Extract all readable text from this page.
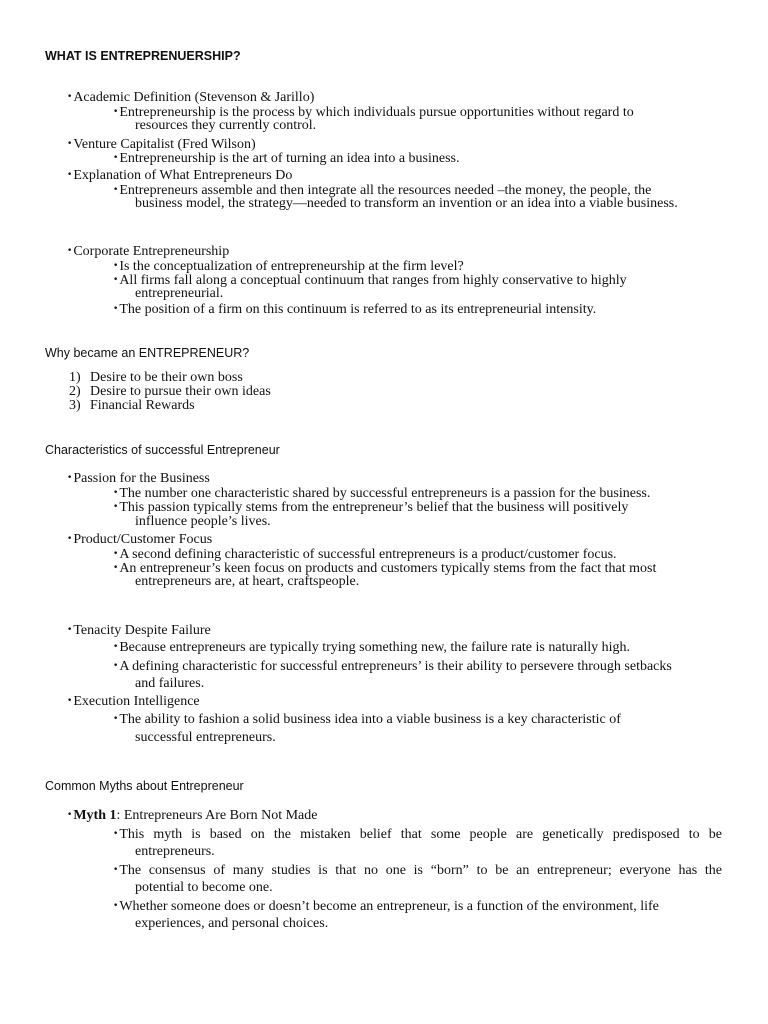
WHAT IS ENTREPRENUERSHIP?
•Academic Definition (Stevenson & Jarillo)
•Entrepreneurship is the process by which individuals pursue opportunities without regard to
resources they currently control.
•Venture Capitalist (Fred Wilson)
•Entrepreneurship is the art of turning an idea into a business.
•Explanation of What Entrepreneurs Do
•Entrepreneurs assemble and then integrate all the resources needed –the money, the people, the
business model, the strategy—needed to transform an invention or an idea into a viable business.
•Corporate Entrepreneurship
•Is the conceptualization of entrepreneurship at the firm level?
•All firms fall along a conceptual continuum that ranges from highly conservative to highly
entrepreneurial.
•The position of a firm on this continuum is referred to as its entrepreneurial intensity.
Why became an ENTREPRENEUR?
1) Desire to be their own boss
2) Desire to pursue their own ideas
3) Financial Rewards
Characteristics of successful Entrepreneur
•Passion for the Business
•The number one characteristic shared by successful entrepreneurs is a passion for the business.
•This passion typically stems from the entrepreneur’s belief that the business will positively
influence people’s lives.
•Product/Customer Focus
•A second defining characteristic of successful entrepreneurs is a product/customer focus.
•An entrepreneur’s keen focus on products and customers typically stems from the fact that most
entrepreneurs are, at heart, craftspeople.
•Tenacity Despite Failure
•Because entrepreneurs are typically trying something new, the failure rate is naturally high.
•A defining characteristic for successful entrepreneurs’ is their ability to persevere through setbacks
and failures.
•Execution Intelligence
•The ability to fashion a solid business idea into a viable business is a key characteristic of
successful entrepreneurs.
Common Myths about Entrepreneur
•Myth 1: Entrepreneurs Are Born Not Made
•This myth is based on the mistaken belief that some people are genetically predisposed to be
entrepreneurs.
•The consensus of many studies is that no one is “born” to be an entrepreneur; everyone has the
potential to become one.
•Whether someone does or doesn’t become an entrepreneur, is a function of the environment, life
experiences, and personal choices.
